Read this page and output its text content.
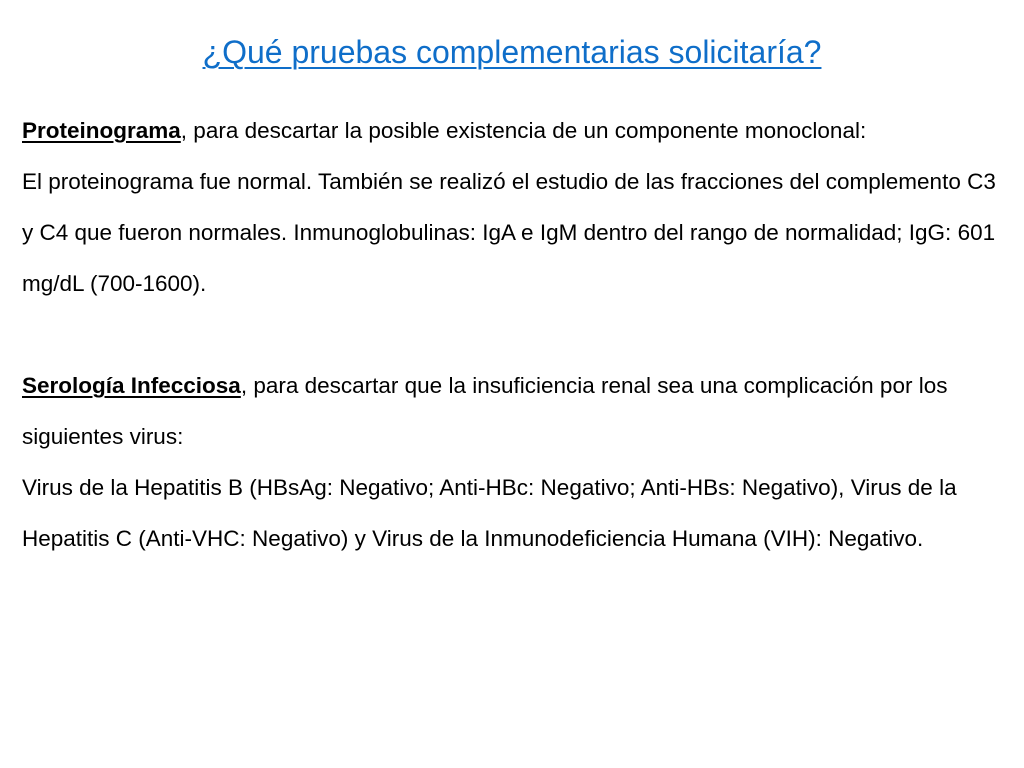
¿Qué pruebas complementarias solicitaría?

Proteinograma, para descartar la posible existencia de un componente monoclonal:

El proteinograma fue normal. También se realizó el estudio de las fracciones del complemento C3 y C4 que fueron normales. Inmunoglobulinas: IgA e IgM dentro del rango de normalidad; IgG: 601 mg/dL (700-1600).

Serología Infecciosa, para descartar que la insuficiencia renal sea una complicación por los siguientes virus:

Virus de la Hepatitis B (HBsAg: Negativo; Anti-HBc: Negativo; Anti-HBs: Negativo), Virus de la Hepatitis C (Anti-VHC: Negativo) y Virus de la Inmunodeficiencia Humana (VIH): Negativo.
